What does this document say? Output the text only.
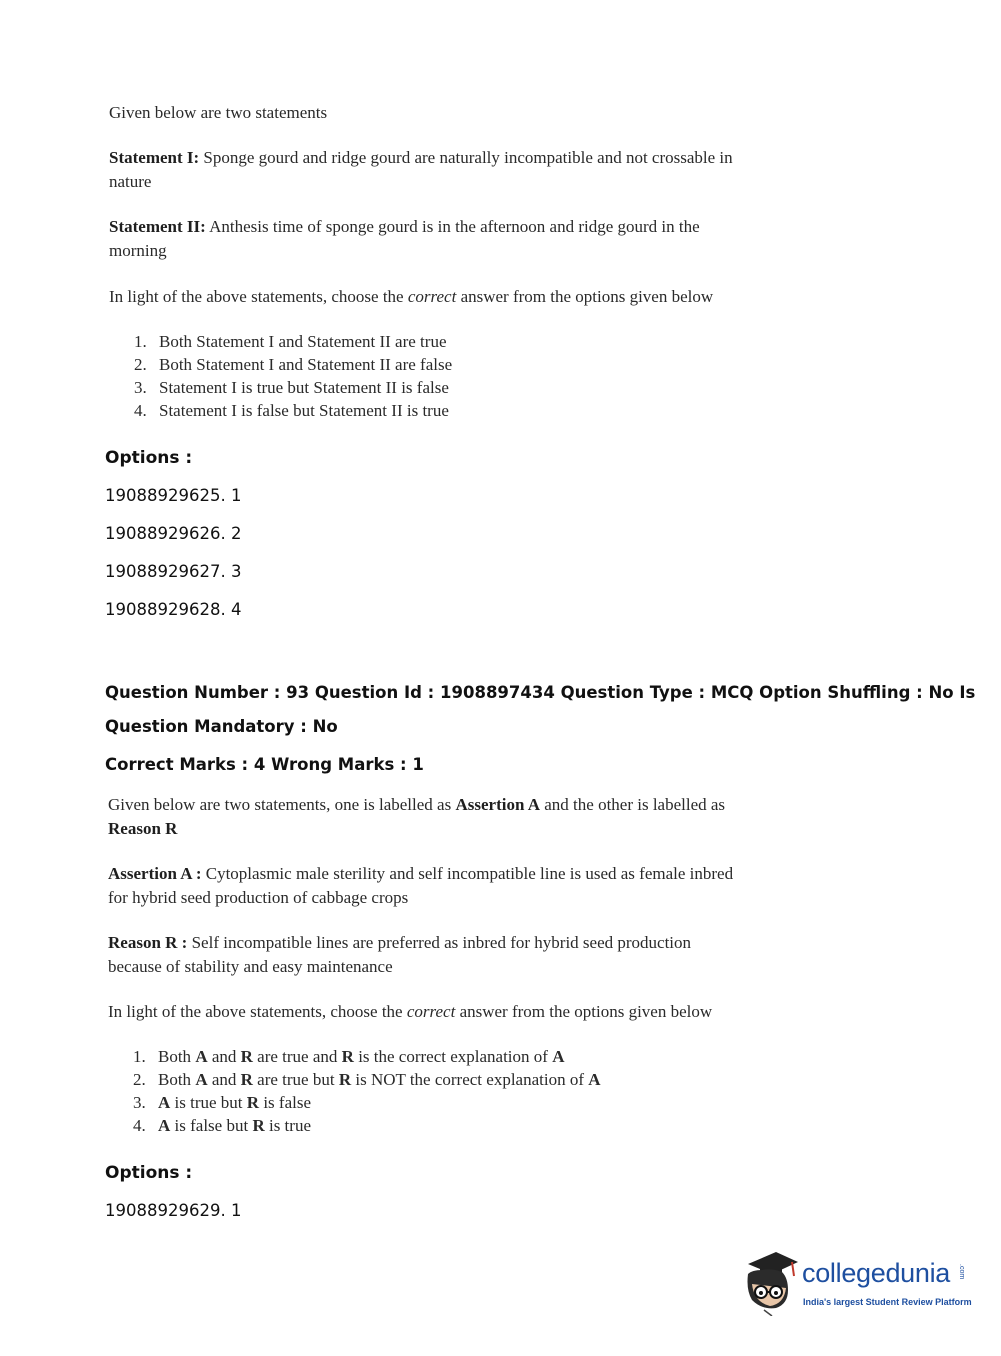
Given below are two statements
Statement I: Sponge gourd and ridge gourd are naturally incompatible and not crossable in
nature
Statement II: Anthesis time of sponge gourd is in the afternoon and ridge gourd in the
morning
In light of the above statements, choose the correct answer from the options given below
1. Both Statement I and Statement II are true
2. Both Statement I and Statement II are false
3. Statement I is true but Statement II is false
4. Statement I is false but Statement II is true
Options :
19088929625. 1
19088929626. 2
19088929627. 3
19088929628. 4
Question Number : 93 Question Id : 1908897434 Question Type : MCQ Option Shuffling : No Is
Question Mandatory : No
Correct Marks : 4 Wrong Marks : 1
Given below are two statements, one is labelled as Assertion A and the other is labelled as
Reason R
Assertion A : Cytoplasmic male sterility and self incompatible line is used as female inbred
for hybrid seed production of cabbage crops
Reason R : Self incompatible lines are preferred as inbred for hybrid seed production
because of stability and easy maintenance
In light of the above statements, choose the correct answer from the options given below
1. Both A and R are true and R is the correct explanation of A
2. Both A and R are true but R is NOT the correct explanation of A
3. A is true but R is false
4. A is false but R is true
Options :
19088929629. 1
collegedunia .com
India's largest Student Review Platform
